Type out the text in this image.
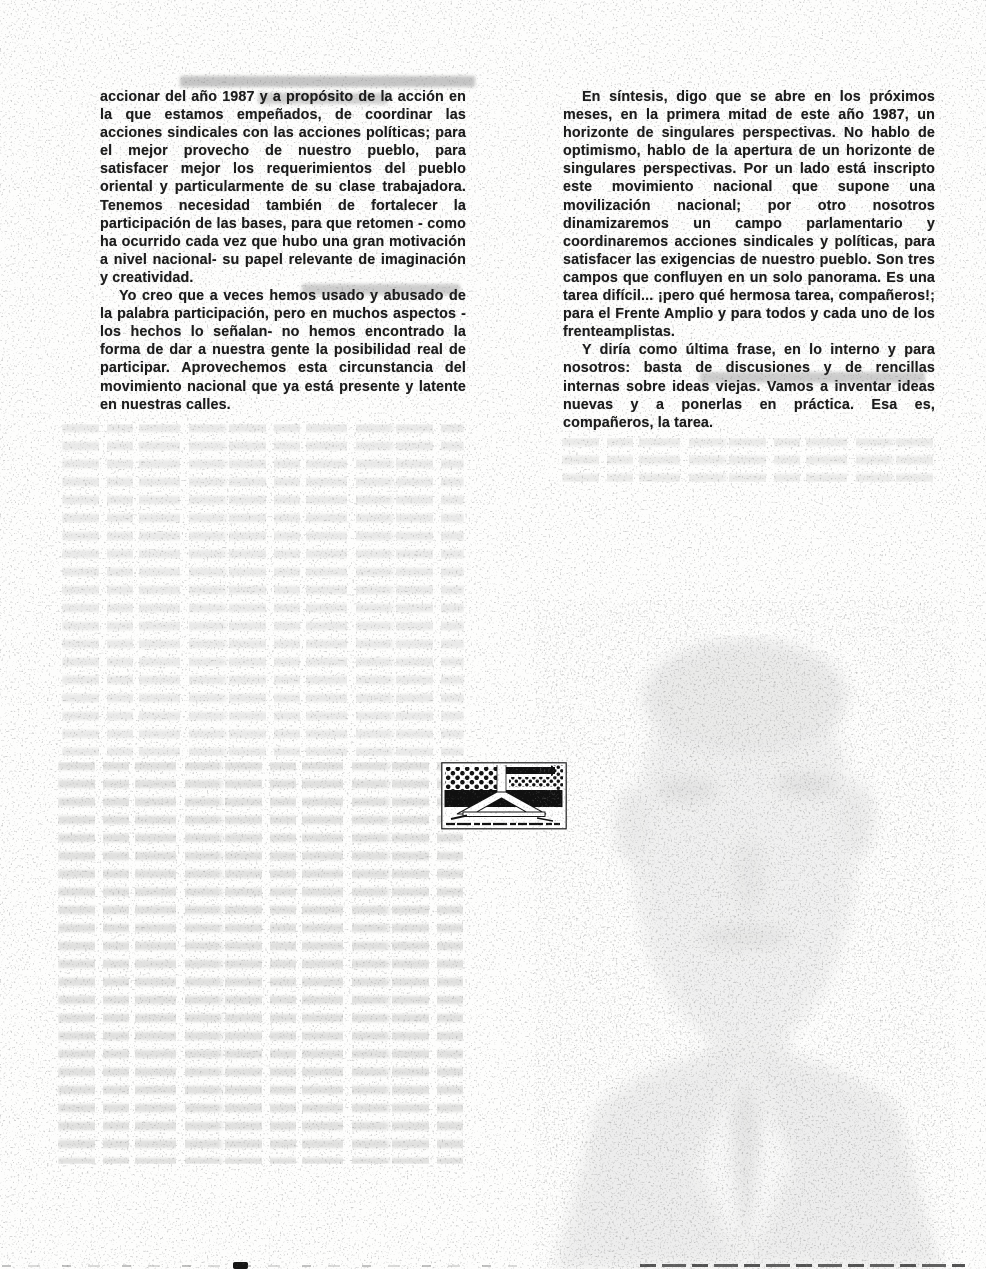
accionar del año 1987 y a propósito de la acción en la que estamos empeñados, de coordinar las acciones sindicales con las acciones políticas; para el mejor provecho de nuestro pueblo, para satisfacer mejor los requerimientos del pueblo oriental y particularmente de su clase trabajadora. Tenemos necesidad también de fortalecer la participación de las bases, para que retomen - como ha ocurrido cada vez que hubo una gran motivación a nivel nacional- su papel relevante de imaginación y creatividad.

Yo creo que a veces hemos usado y abusado de la palabra participación, pero en muchos aspectos -los hechos lo señalan- no hemos encontrado la forma de dar a nuestra gente la posibilidad real de participar. Aprovechemos esta circunstancia del movimiento nacional que ya está presente y latente en nuestras calles.

En síntesis, digo que se abre en los próximos meses, en la primera mitad de este año 1987, un horizonte de singulares perspectivas. No hablo de optimismo, hablo de la apertura de un horizonte de singulares perspectivas. Por un lado está inscripto este movimiento nacional que supone una movilización nacional; por otro nosotros dinamizaremos un campo parlamentario y coordinaremos acciones sindicales y políticas, para satisfacer las exigencias de nuestro pueblo. Son tres campos que confluyen en un solo panorama. Es una tarea difícil... ¡pero qué hermosa tarea, compañeros!; para el Frente Amplio y para todos y cada uno de los frenteamplistas.

Y diría como última frase, en lo interno y para nosotros: basta de discusiones y de rencillas internas sobre ideas viejas. Vamos a inventar ideas nuevas y a ponerlas en práctica. Esa es, compañeros, la tarea.
